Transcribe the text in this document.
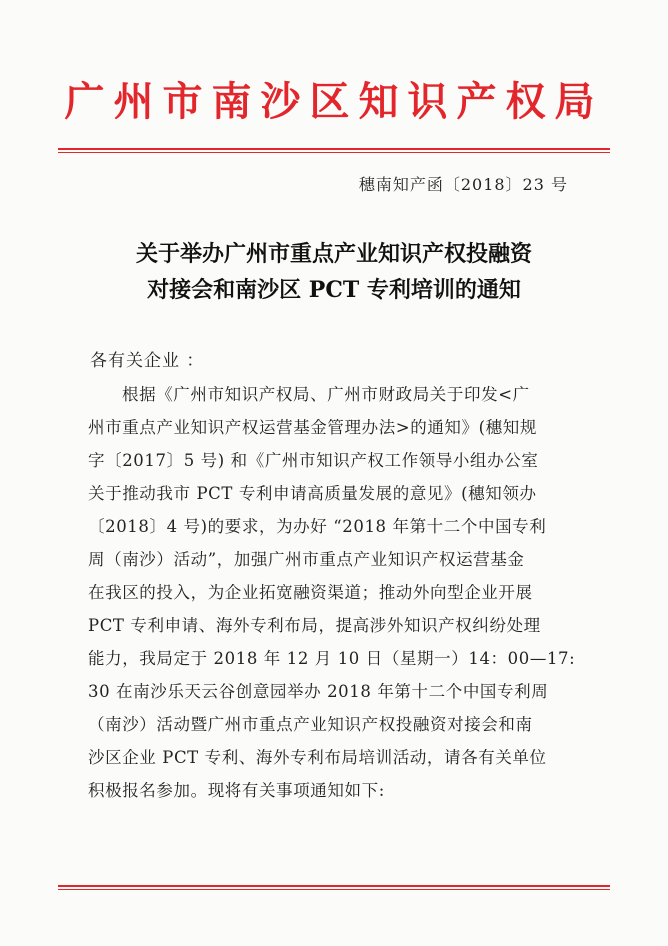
广州市南沙区知识产权局
穗南知产函〔2018〕23 号
关于举办广州市重点产业知识产权投融资
对接会和南沙区 PCT 专利培训的通知
各有关企业 ：
根据《广州市知识产权局、广州市财政局关于印发<广
州市重点产业知识产权运营基金管理办法>的通知》(穗知规
字〔2017〕5 号) 和《广州市知识产权工作领导小组办公室
关于推动我市 PCT 专利申请高质量发展的意见》(穗知领办
〔2018〕4 号)的要求，为办好 “2018 年第十二个中国专利
周（南沙）活动”，加强广州市重点产业知识产权运营基金
在我区的投入，为企业拓宽融资渠道；推动外向型企业开展
PCT 专利申请、海外专利布局，提高涉外知识产权纠纷处理
能力，我局定于 2018 年 12 月 10 日（星期一）14：00—17:
30 在南沙乐天云谷创意园举办 2018 年第十二个中国专利周
（南沙）活动暨广州市重点产业知识产权投融资对接会和南
沙区企业 PCT 专利、海外专利布局培训活动，请各有关单位
积极报名参加。现将有关事项通知如下:
